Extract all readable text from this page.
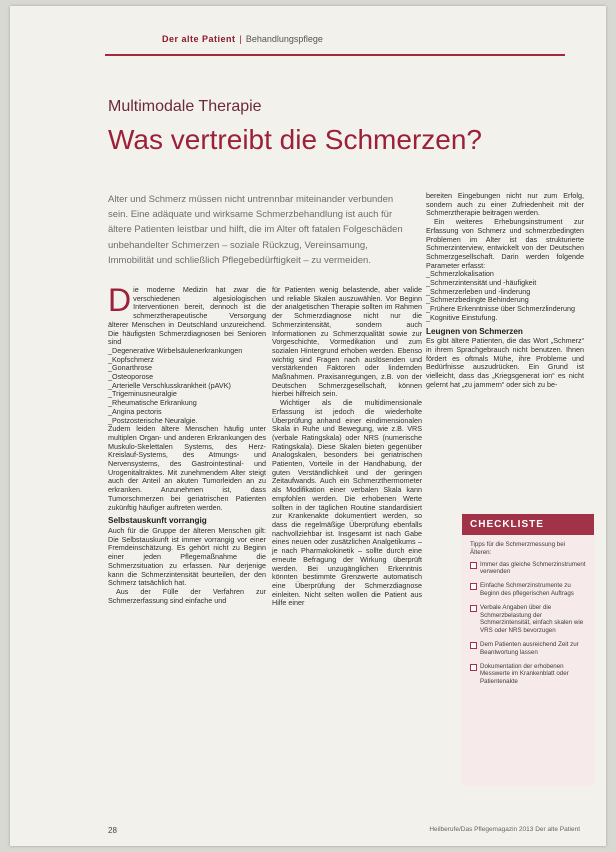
Der alte Patient | Behandlungspflege
Multimodale Therapie
Was vertreibt die Schmerzen?
Alter und Schmerz müssen nicht untrennbar miteinander verbunden sein. Eine adäquate und wirksame Schmerzbehandlung ist auch für ältere Patienten leistbar und hilft, die im Alter oft fatalen Folgeschäden unbehandelter Schmerzen – soziale Rückzug, Vereinsamung, Immobilität und schließlich Pflegebedürftigkeit – zu vermeiden.

Die moderne Medizin hat zwar die verschiedenen algesiologischen Interventionen bereit, dennoch ist die schmerztherapeutische Versorgung älterer Menschen in Deutschland unzureichend. Die häufigsten Schmerzdiagnosen bei Senioren sind

_ Degenerative Wirbelsäulenerkrankungen
_ Kopfschmerz
_ Gonarthrose
_ Osteoporose
_ Arterielle Verschlusskrankheit (pAVK)
_ Trigeminusneuralgie
_ Rheumatische Erkrankung
_ Angina pectoris
_ Postzosterische Neuralgie.

Zudem leiden ältere Menschen häufig unter multiplen Organ- und anderen Erkrankungen des Muskulo-Skelettalen Systems, des Herz-Kreislauf-Systems, des Atmungs- und Nervensystems, des Gastrointestinal- und Urogenitaltraktes. Mit zunehmendem Alter steigt auch der Anteil an akuten Tumorleiden an zu erkranken. Anzunehmen ist, dass Tumorschmerzen bei geriatrischen Patienten zukünftig häufiger auftreten werden.

Selbstauskunft vorrangig

Auch für die Gruppe der älteren Menschen gilt: Die Selbstauskunft ist immer vorrangig vor einer Fremdeinschätzung. Es gehört nicht zu Beginn einer jeden Pflegemaßnahme die Schmerzsituation zu erfassen. Nur derjenige kann die Schmerzintensität beurteilen, der den Schmerz tatsächlich hat.

Aus der Fülle der Verfahren zur Schmerzerfassung sind einfache und

für Patienten wenig belastende, aber valide und reliable Skalen auszuwählen. Vor Beginn der analgetischen Therapie sollten im Rahmen der Schmerzdiagnose nicht nur die Schmerzintensität, sondern auch Informationen zu Schmerzqualität sowie zur Vorgeschichte, Vormedikation und zum sozialen Hintergrund erhoben werden. Ebenso wichtig sind Fragen nach auslösenden und verstärkenden Faktoren oder lindernden Maßnahmen. Praxisanregungen, z.B. von der Deutschen Schmerzgesellschaft, können hierbei hilfreich sein.

Wichtiger als die multidimensionale Erfassung ist jedoch die wiederholte Überprüfung anhand einer eindimensionalen Skala in Ruhe und Bewegung, wie z.B. VRS (verbale Ratingskala) oder NRS (numerische Ratingskala). Diese Skalen bieten gegenüber Analogskalen, besonders bei geriatrischen Patienten, Vorteile in der Handhabung, der guten Verständlichkeit und der geringen Zeitaufwands. Auch ein Schmerzthermometer als Modifikation einer verbalen Skala kann empfohlen werden. Die erhobenen Werte sollten in der täglichen Routine standardisiert zur Krankenakte dokumentiert werden, so dass die regelmäßige Überprüfung ebenfalls nachvollziehbar ist. Insgesamt ist nach Gabe eines neuen oder zusätzlichen Analgetikums – je nach Pharmakokinetik – sollte durch eine erneute Befragung der Wirkung überprüft werden. Bei unzugänglichen Erkenntnis könnten bestimmte Grenzwerte automatisch eine Überprüfung der Schmerzdiagnose einleiten. Nicht selten wollen die Patient aus Hilfe einer

bereiten Eingebungen nicht nur zum Erfolg, sondern auch zu einer Zufriedenheit mit der Schmerztherapie beitragen werden.

Ein weiteres Erhebungsinstrument zur Erfassung von Schmerz und schmerzbedingten Problemen im Alter ist das strukturierte Schmerzinterview, entwickelt von der Deutschen Schmerzgesellschaft. Darin werden folgende Parameter erfasst:

_ Schmerzlokalisation
_ Schmerzintensität und -häufigkeit
_ Schmerzerleben und -linderung
_ Schmerzbedingte Behinderung
_ Frühere Erkenntnisse über Schmerzlinderung
_ Kognitive Einstufung.
Leugnen von Schmerzen

Es gibt ältere Patienten, die das Wort „Schmerz“ in ihrem Sprachgebrauch nicht benutzen. Ihnen fördert es oftmals Mühe, ihre Probleme und Bedürfnisse auszudrücken. Ein Grund ist vielleicht, dass das „Kriegsgenerat ion“ es nicht gelernt hat „zu jammern“ oder sich zu be-

CHECKLISTE
Tipps für die Schmerzmessung bei Älteren:
Immer das gleiche Schmerzinstrument verwenden
Einfache Schmerzinstrumente zu Beginn des pflegerischen Auftrags
Verbale Angaben über die Schmerzbelastung der Schmerzintensität, einfach skalen wie VRS oder NRS bevorzugen
Dem Patienten ausreichend Zeit zur Beantwortung lassen
Dokumentation der erhobenen Messwerte im Krankenblatt oder Patientenakte
28	Heilberufe/Das Pflegemagazin 2013 Der alte Patient
